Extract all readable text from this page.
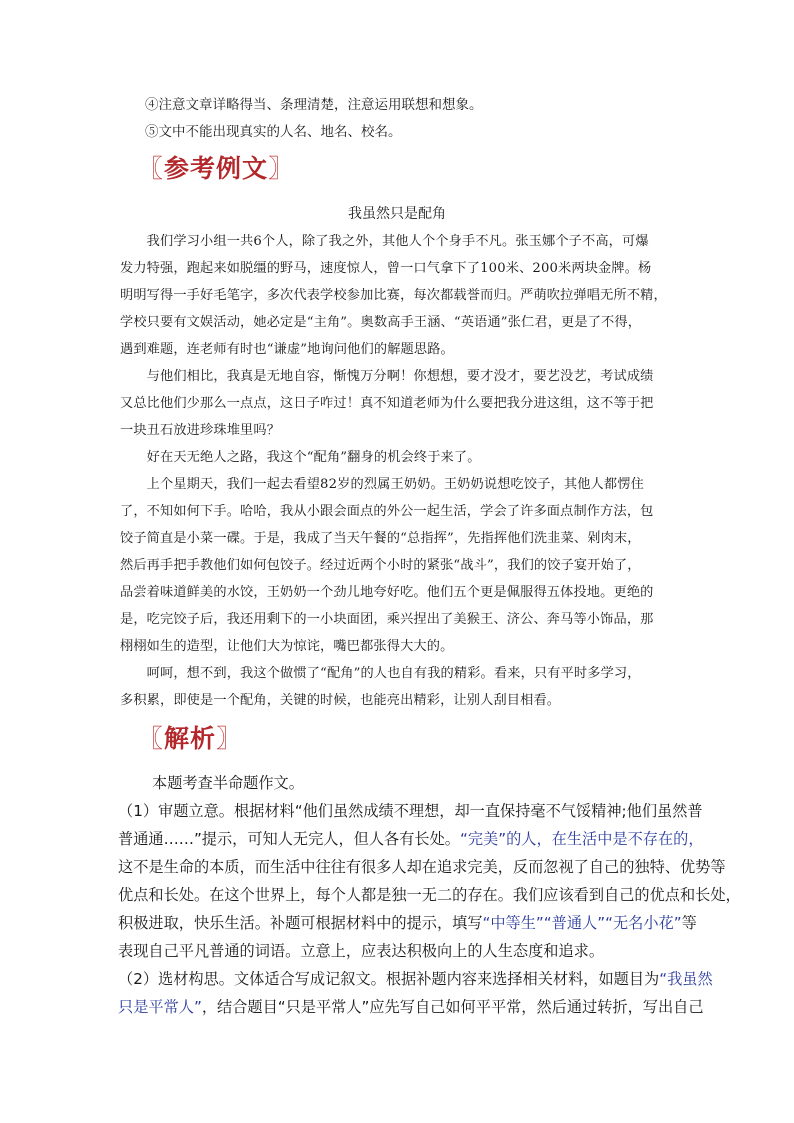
④注意文章详略得当、条理清楚，注意运用联想和想象。
⑤文中不能出现真实的人名、地名、校名。
〖参考例文〗
我虽然只是配角
　　我们学习小组一共6个人，除了我之外，其他人个个身手不凡。张玉娜个子不高，可爆
发力特强，跑起来如脱缰的野马，速度惊人，曾一口气拿下了100米、200米两块金牌。杨
明明写得一手好毛笔字，多次代表学校参加比赛，每次都载誉而归。严萌吹拉弹唱无所不精，
学校只要有文娱活动，她必定是“主角”。奥数高手王涵、“英语通”张仁君，更是了不得，
遇到难题，连老师有时也“谦虚”地询问他们的解题思路。
　　与他们相比，我真是无地自容，惭愧万分啊！你想想，要才没才，要艺没艺，考试成绩
又总比他们少那么一点点，这日子咋过！真不知道老师为什么要把我分进这组，这不等于把
一块丑石放进珍珠堆里吗？
　　好在天无绝人之路，我这个“配角”翻身的机会终于来了。
　　上个星期天，我们一起去看望82岁的烈属王奶奶。王奶奶说想吃饺子，其他人都愣住
了，不知如何下手。哈哈，我从小跟会面点的外公一起生活，学会了许多面点制作方法，包
饺子简直是小菜一碟。于是，我成了当天午餐的“总指挥”，先指挥他们洗韭菜、剁肉末，
然后再手把手教他们如何包饺子。经过近两个小时的紧张“战斗”，我们的饺子宴开始了，
品尝着味道鲜美的水饺，王奶奶一个劲儿地夸好吃。他们五个更是佩服得五体投地。更绝的
是，吃完饺子后，我还用剩下的一小块面团，乘兴捏出了美猴王、济公、奔马等小饰品，那
栩栩如生的造型，让他们大为惊诧，嘴巴都张得大大的。
　　呵呵，想不到，我这个做惯了“配角”的人也自有我的精彩。看来，只有平时多学习，
多积累，即使是一个配角，关键的时候，也能亮出精彩，让别人刮目相看。
〖解析〗
本题考查半命题作文。
（1）审题立意。根据材料“他们虽然成绩不理想，却一直保持毫不气馁精神;他们虽然普
普通通……”提示，可知人无完人，但人各有长处。“完美”的人，在生活中是不存在的，
这不是生命的本质，而生活中往往有很多人却在追求完美，反而忽视了自己的独特、优势等
优点和长处。在这个世界上，每个人都是独一无二的存在。我们应该看到自己的优点和长处，
积极进取，快乐生活。补题可根据材料中的提示，填写“中等生”“普通人”“无名小花”等
表现自己平凡普通的词语。立意上，应表达积极向上的人生态度和追求。
（2）选材构思。文体适合写成记叙文。根据补题内容来选择相关材料，如题目为“我虽然
只是平常人”，结合题目“只是平常人”应先写自己如何平平常，然后通过转折，写出自己
